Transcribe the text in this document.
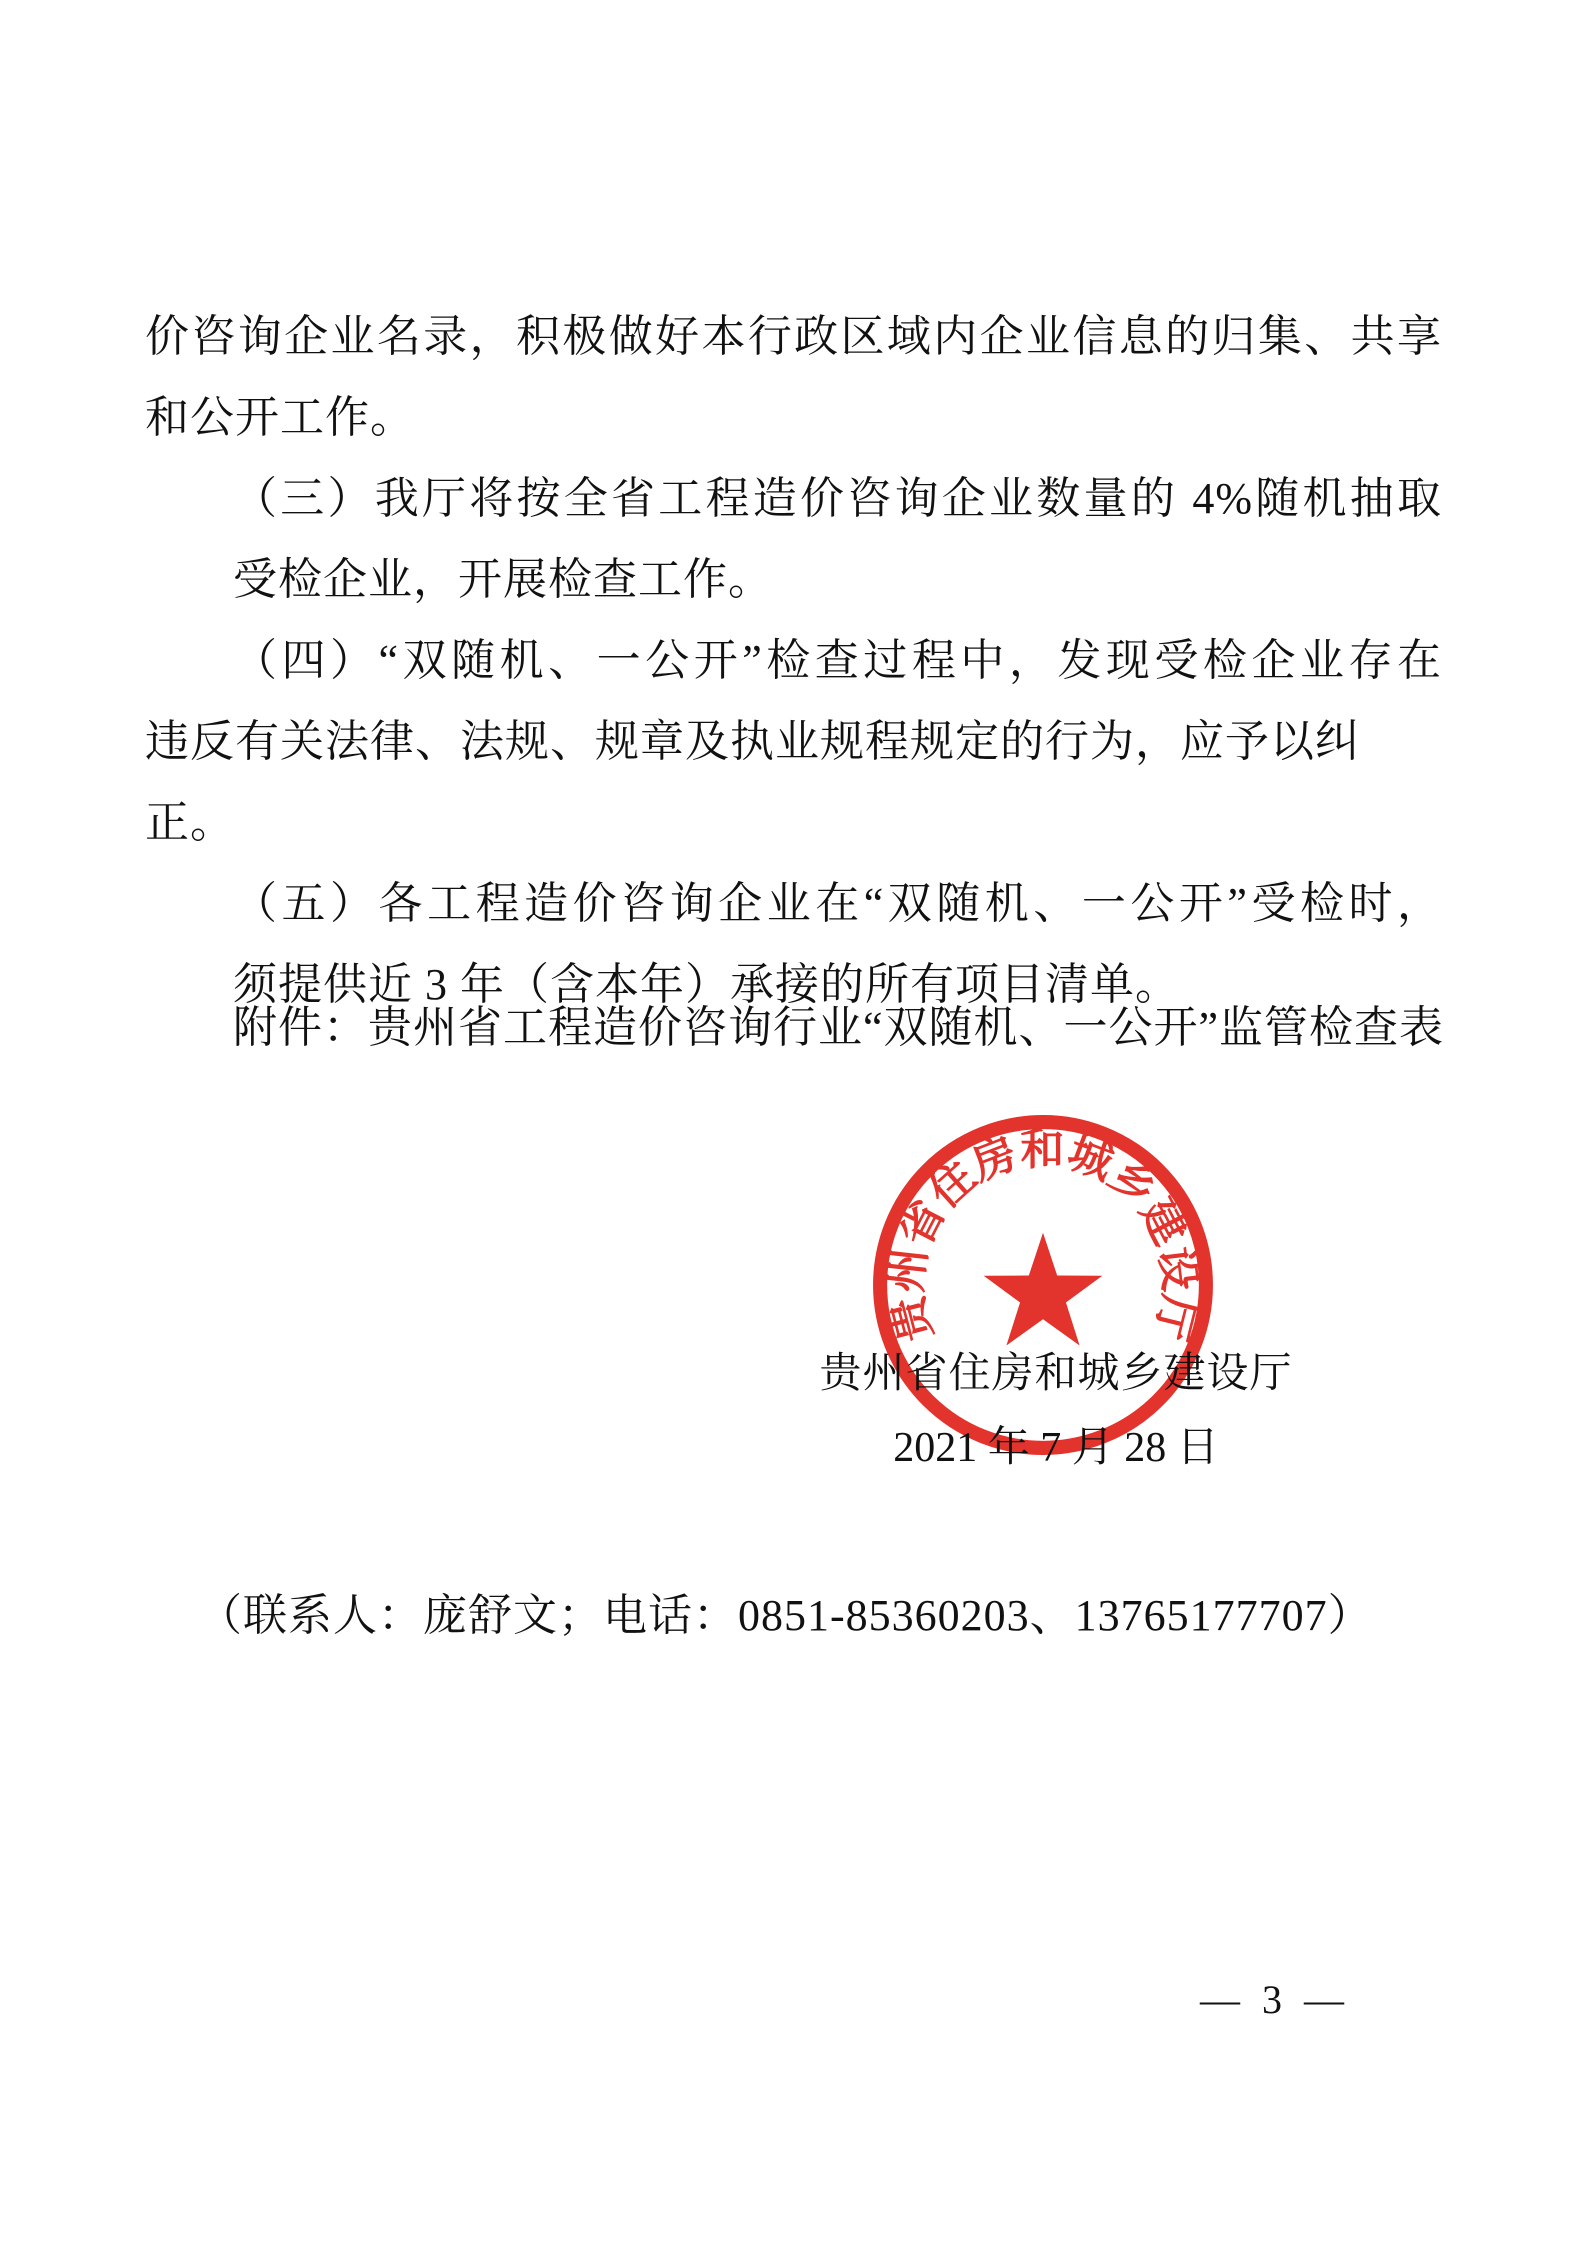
价咨询企业名录，积极做好本行政区域内企业信息的归集、共享
和公开工作。
（三）我厅将按全省工程造价咨询企业数量的 4%随机抽取
受检企业，开展检查工作。
（四）“双随机、一公开”检查过程中，发现受检企业存在
违反有关法律、法规、规章及执业规程规定的行为，应予以纠正。
（五）各工程造价咨询企业在“双随机、一公开”受检时，
须提供近 3 年（含本年）承接的所有项目清单。
附件：贵州省工程造价咨询行业“双随机、一公开”监管检查表
贵州省住房和城乡建设厅
贵州省住房和城乡建设厅
2021 年 7 月 28 日
（联系人：庞舒文；电话：0851-85360203、13765177707）
— 3 —
